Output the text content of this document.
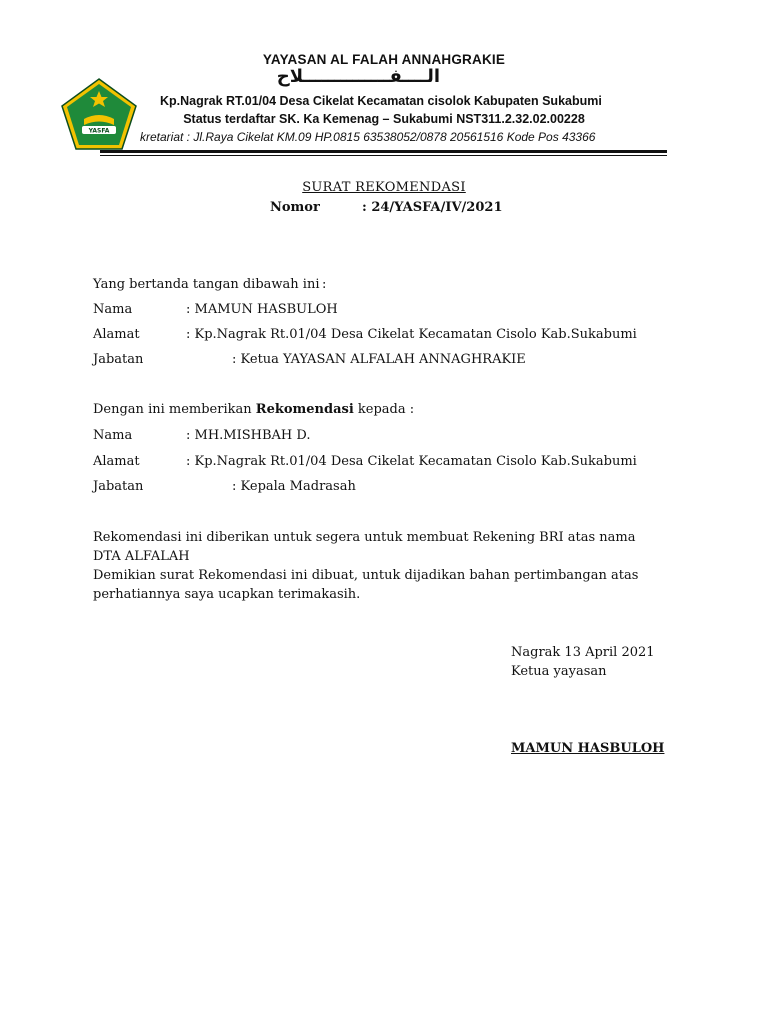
YASFA
YAYASAN AL FALAH ANNAHGRAKIE
الــــفــــــــــــــلاح
Kp.Nagrak RT.01/04 Desa Cikelat Kecamatan cisolok Kabupaten Sukabumi
Status terdaftar SK. Ka Kemenag – Sukabumi NST311.2.32.02.00228
kretariat : Jl.Raya Cikelat KM.09 HP.0815 63538052/0878 20561516 Kode Pos 43366
SURAT REKOMENDASI
Nomor	: 24/YASFA/IV/2021
Yang bertanda tangan dibawah ini :
Nama	: MAMUN HASBULOH
Alamat	: Kp.Nagrak Rt.01/04 Desa Cikelat Kecamatan Cisolo Kab.Sukabumi
Jabatan	: Ketua YAYASAN ALFALAH ANNAGHRAKIE
Dengan ini memberikan Rekomendasi kepada :
Nama	: MH.MISHBAH D.
Alamat	: Kp.Nagrak Rt.01/04 Desa Cikelat Kecamatan Cisolo Kab.Sukabumi
Jabatan	: Kepala Madrasah
Rekomendasi ini diberikan untuk segera untuk membuat Rekening BRI atas nama DTA ALFALAH
Demikian surat Rekomendasi ini dibuat, untuk dijadikan bahan pertimbangan atas perhatiannya saya ucapkan terimakasih.
Nagrak 13 April 2021
Ketua yayasan
MAMUN HASBULOH
